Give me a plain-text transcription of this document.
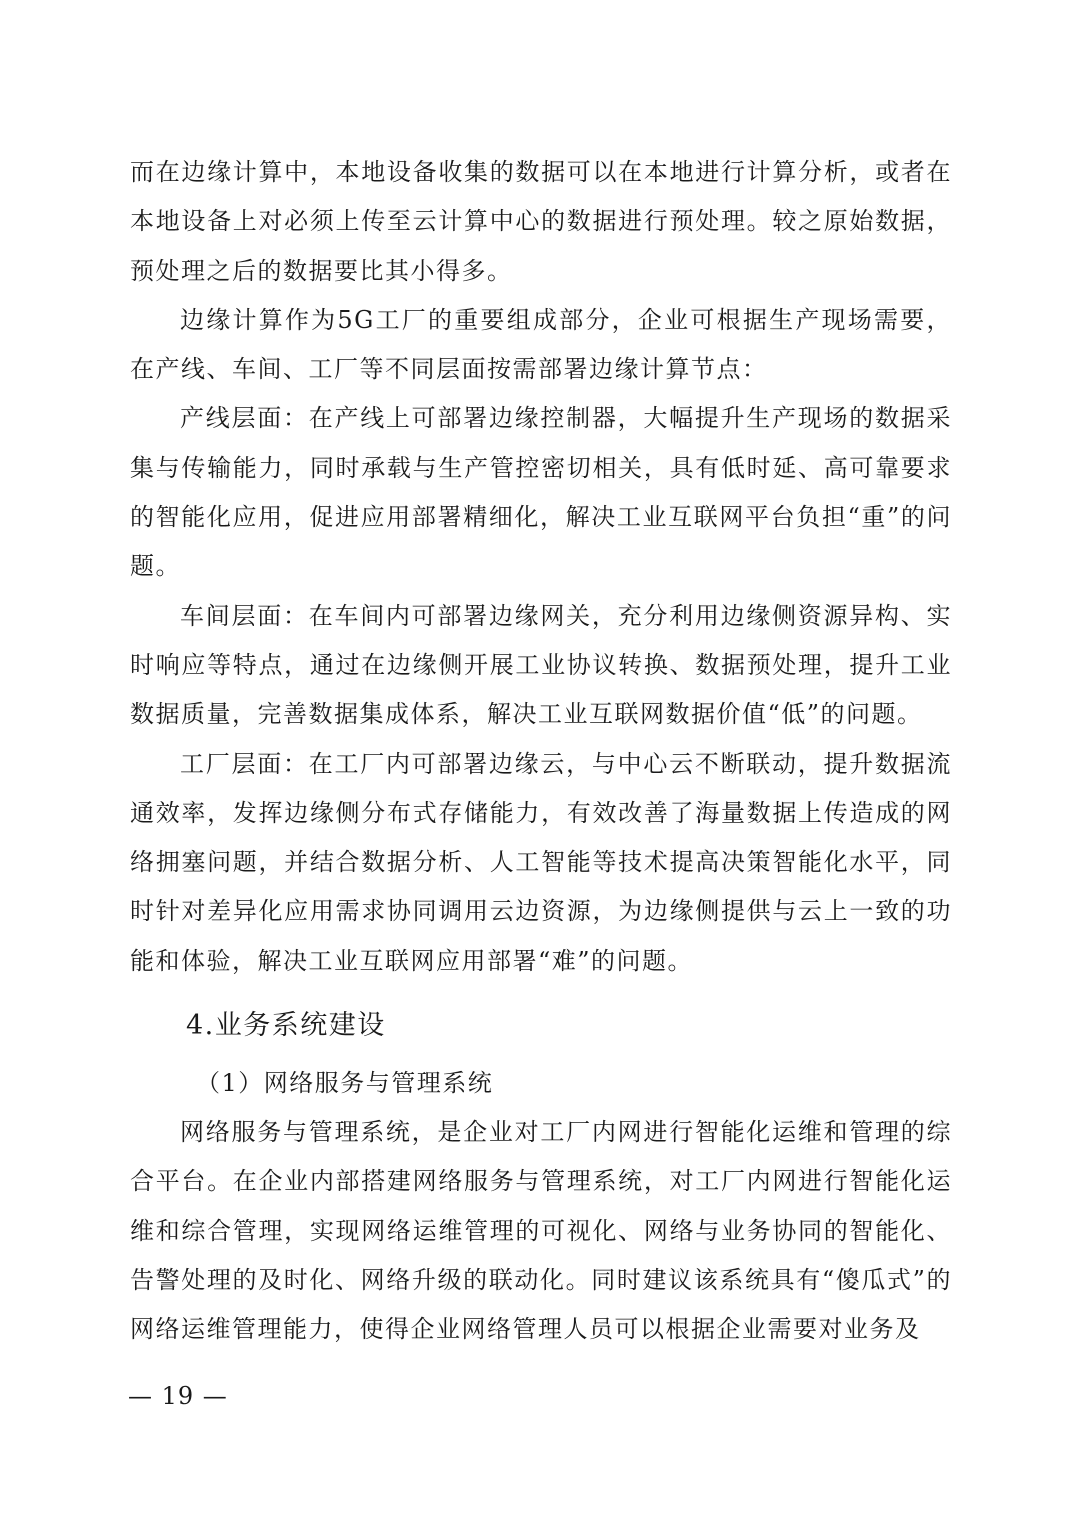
而在边缘计算中，本地设备收集的数据可以在本地进行计算分析，或者在本地设备上对必须上传至云计算中心的数据进行预处理。较之原始数据，预处理之后的数据要比其小得多。

边缘计算作为5G工厂的重要组成部分，企业可根据生产现场需要，在产线、车间、工厂等不同层面按需部署边缘计算节点：

产线层面：在产线上可部署边缘控制器，大幅提升生产现场的数据采集与传输能力，同时承载与生产管控密切相关，具有低时延、高可靠要求的智能化应用，促进应用部署精细化，解决工业互联网平台负担“重”的问题。

车间层面：在车间内可部署边缘网关，充分利用边缘侧资源异构、实时响应等特点，通过在边缘侧开展工业协议转换、数据预处理，提升工业数据质量，完善数据集成体系，解决工业互联网数据价值“低”的问题。

工厂层面：在工厂内可部署边缘云，与中心云不断联动，提升数据流通效率，发挥边缘侧分布式存储能力，有效改善了海量数据上传造成的网络拥塞问题，并结合数据分析、人工智能等技术提高决策智能化水平，同时针对差异化应用需求协同调用云边资源，为边缘侧提供与云上一致的功能和体验，解决工业互联网应用部署“难”的问题。

4.业务系统建设
（1）网络服务与管理系统

网络服务与管理系统，是企业对工厂内网进行智能化运维和管理的综合平台。在企业内部搭建网络服务与管理系统，对工厂内网进行智能化运维和综合管理，实现网络运维管理的可视化、网络与业务协同的智能化、告警处理的及时化、网络升级的联动化。同时建议该系统具有“傻瓜式”的网络运维管理能力，使得企业网络管理人员可以根据企业需要对业务及

— 19 —
